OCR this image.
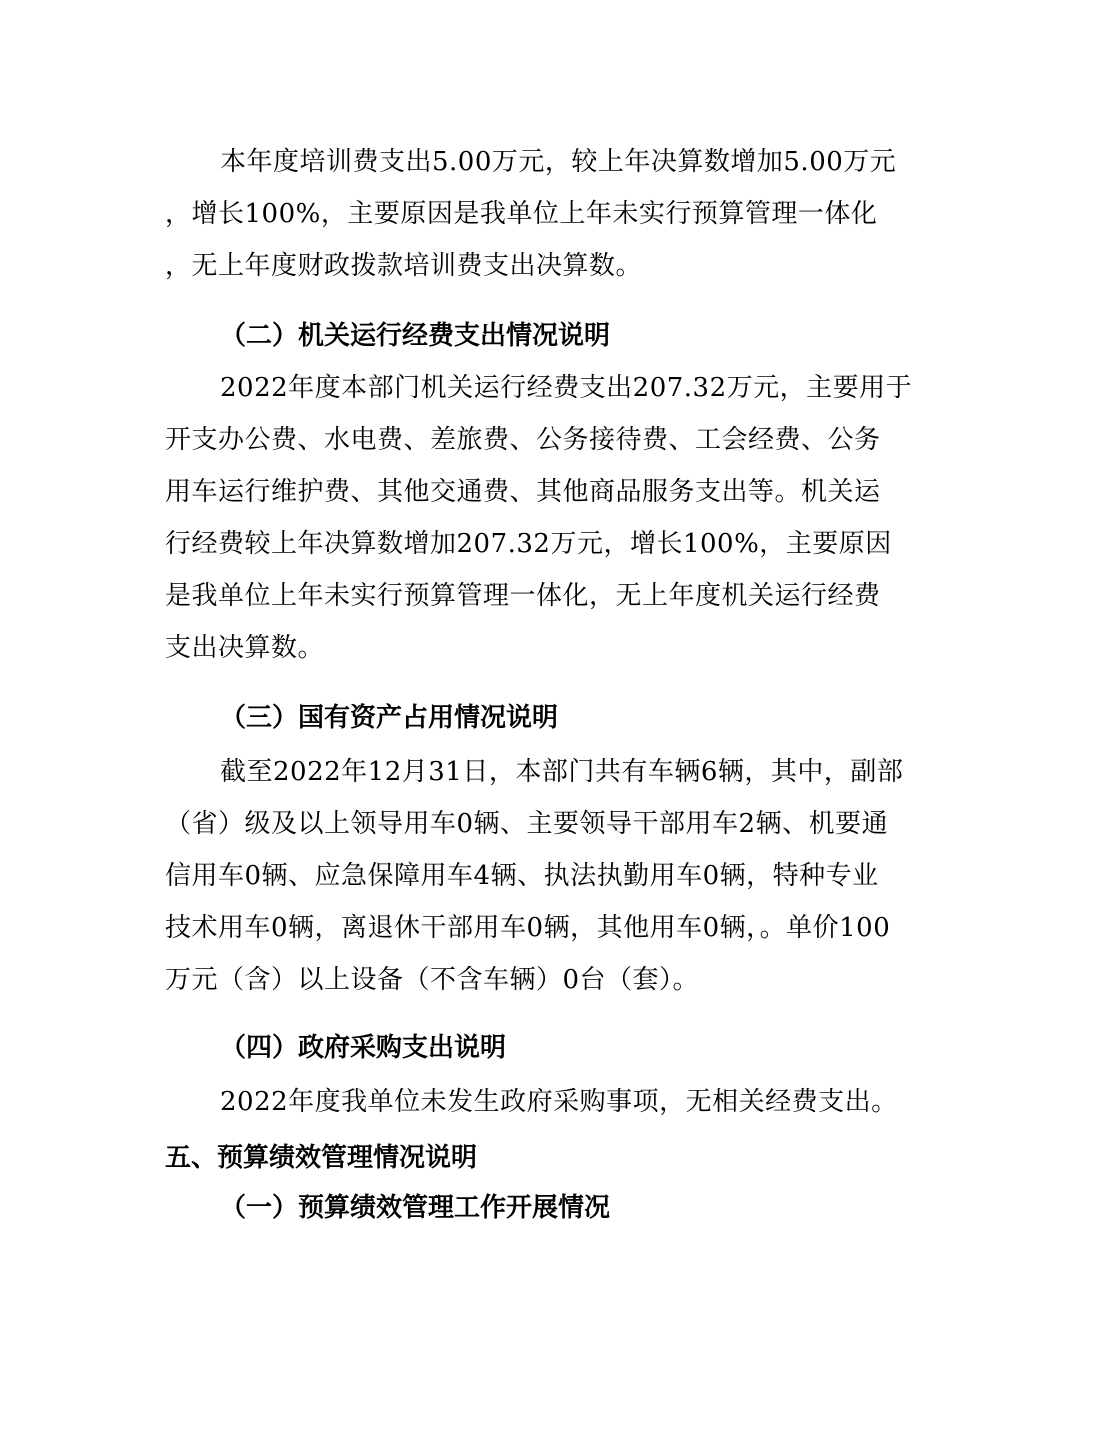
本年度培训费支出5.00万元，较上年决算数增加5.00万元
，增长100%，主要原因是我单位上年未实行预算管理一体化
，无上年度财政拨款培训费支出决算数。
（二）机关运行经费支出情况说明
2022年度本部门机关运行经费支出207.32万元，主要用于
开支办公费、水电费、差旅费、公务接待费、工会经费、公务
用车运行维护费、其他交通费、其他商品服务支出等。机关运
行经费较上年决算数增加207.32万元，增长100%，主要原因
是我单位上年未实行预算管理一体化，无上年度机关运行经费
支出决算数。
（三）国有资产占用情况说明
截至2022年12月31日，本部门共有车辆6辆，其中，副部
（省）级及以上领导用车0辆、主要领导干部用车2辆、机要通
信用车0辆、应急保障用车4辆、执法执勤用车0辆，特种专业
技术用车0辆，离退休干部用车0辆，其他用车0辆，。单价100
万元（含）以上设备（不含车辆）0台（套）。
（四）政府采购支出说明
2022年度我单位未发生政府采购事项，无相关经费支出。
五、预算绩效管理情况说明
（一）预算绩效管理工作开展情况
